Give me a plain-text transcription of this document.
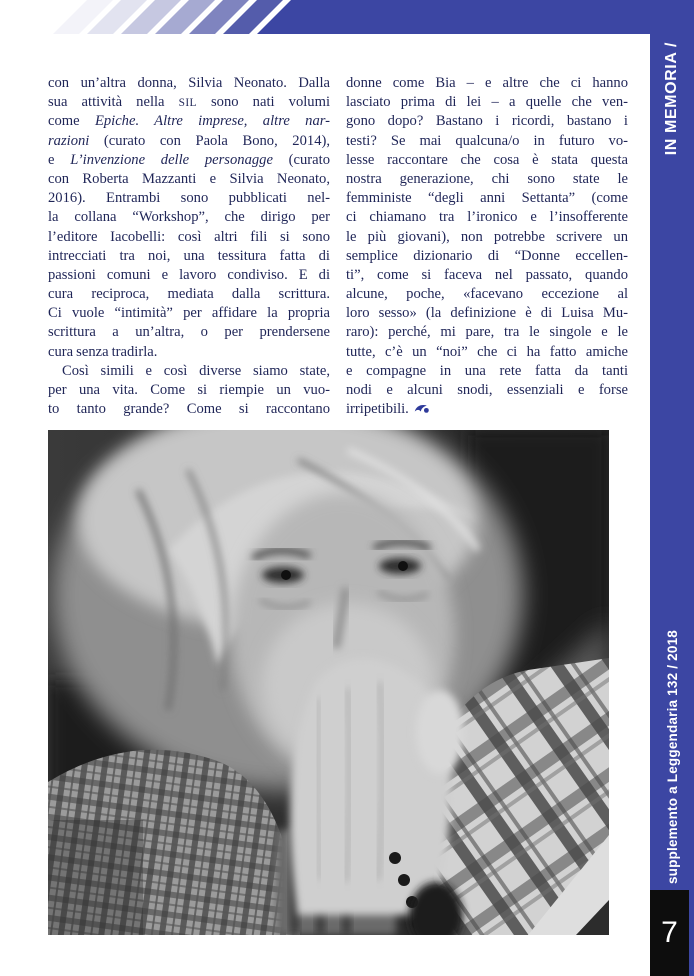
con un’altra donna, Silvia Neonato. Dalla
sua attività nella SIL sono nati volumi
come Epiche. Altre imprese, altre nar-
razioni (curato con Paola Bono, 2014),
e L’invenzione delle personagge (curato
con Roberta Mazzanti e Silvia Neonato,
2016). Entrambi sono pubblicati nel-
la collana “Workshop”, che dirigo per
l’editore Iacobelli: così altri fili si sono
intrecciati tra noi, una tessitura fatta di
passioni comuni e lavoro condiviso. E di
cura reciproca, mediata dalla scrittura.
Ci vuole “intimità” per affidare la propria
scrittura a un’altra, o per prendersene
cura senza tradirla.
Così simili e così diverse siamo state,
per una vita. Come si riempie un vuo-
to tanto grande? Come si raccontano
donne come Bia – e altre che ci hanno
lasciato prima di lei – a quelle che ven-
gono dopo? Bastano i ricordi, bastano i
testi? Se mai qualcuna/o in futuro vo-
lesse raccontare che cosa è stata questa
nostra generazione, chi sono state le
femministe “degli anni Settanta” (come
ci chiamano tra l’ironico e l’insofferente
le più giovani), non potrebbe scrivere un
semplice dizionario di “Donne eccellen-
ti”, come si faceva nel passato, quando
alcune, poche, «facevano eccezione al
loro sesso» (la definizione è di Luisa Mu-
raro): perché, mi pare, tra le singole e le
tutte, c’è un “noi” che ci ha fatto amiche
e compagne in una rete fatta da tanti
nodi e alcuni snodi, essenziali e forse
irripetibili.
IN MEMORIA /
supplemento a Leggendaria 132 / 2018
7
